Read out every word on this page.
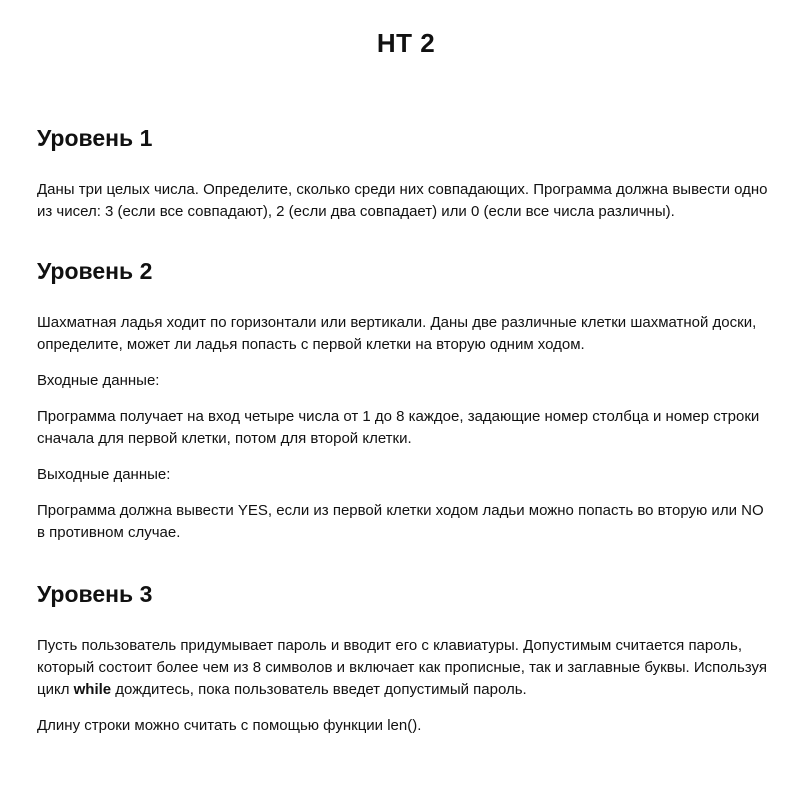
HT 2
Уровень 1

Даны три целых числа. Определите, сколько среди них совпадающих. Программа должна вывести одно из чисел: 3 (если все совпадают), 2 (если два совпадает) или 0 (если все числа различны).

Уровень 2

Шахматная ладья ходит по горизонтали или вертикали. Даны две различные клетки шахматной доски, определите, может ли ладья попасть с первой клетки на вторую одним ходом.

Входные данные:

Программа получает на вход четыре числа от 1 до 8 каждое, задающие номер столбца и номер строки сначала для первой клетки, потом для второй клетки.

Выходные данные:

Программа должна вывести YES, если из первой клетки ходом ладьи можно попасть во вторую или NO в противном случае.

Уровень 3

Пусть пользователь придумывает пароль и вводит его с клавиатуры. Допустимым считается пароль, который состоит более чем из 8 символов и включает как прописные, так и заглавные буквы. Используя цикл while дождитесь, пока пользователь введет допустимый пароль.

Длину строки можно считать с помощью функции len().
